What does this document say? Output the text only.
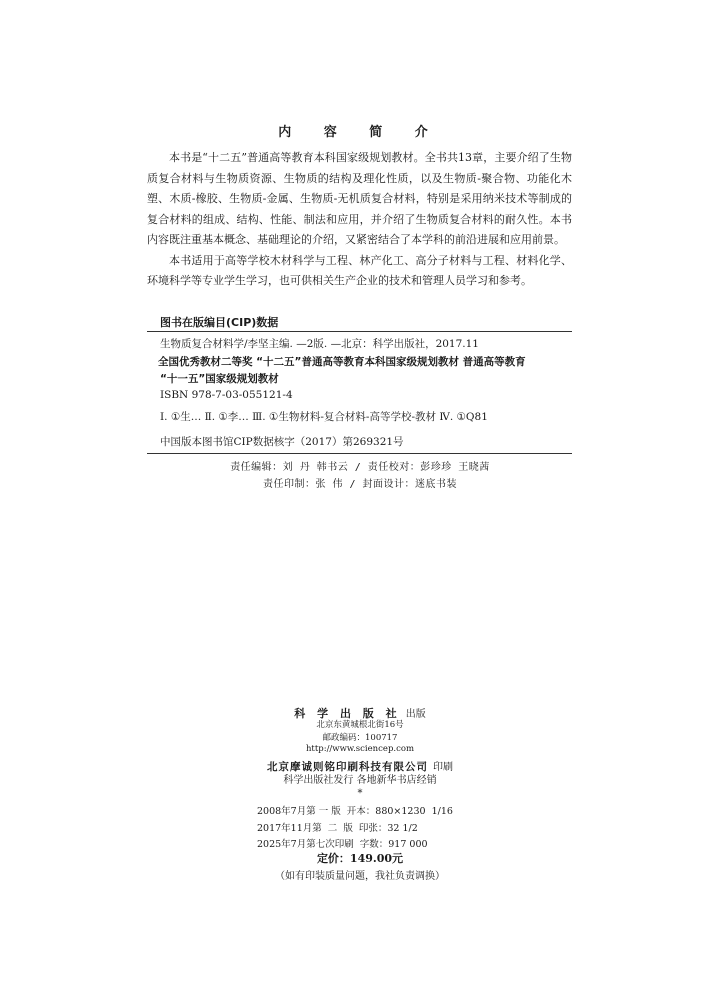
内 容 简 介

本书是“十二五”普通高等教育本科国家级规划教材。全书共13章，主要介绍了生物质复合材料与生物质资源、生物质的结构及理化性质，以及生物质-聚合物、功能化木塑、木质-橡胶、生物质-金属、生物质-无机质复合材料，特别是采用纳米技术等制成的复合材料的组成、结构、性能、制法和应用，并介绍了生物质复合材料的耐久性。本书内容既注重基本概念、基础理论的介绍，又紧密结合了本学科的前沿进展和应用前景。

本书适用于高等学校木材科学与工程、林产化工、高分子材料与工程、材料化学、环境科学等专业学生学习，也可供相关生产企业的技术和管理人员学习和参考。

图书在版编目(CIP)数据
生物质复合材料学/李坚主编. —2版. —北京：科学出版社，2017.11
全国优秀教材二等奖 “十二五”普通高等教育本科国家级规划教材 普通高等教育
“十一五”国家级规划教材
ISBN 978-7-03-055121-4
Ⅰ. ①生… Ⅱ. ①李… Ⅲ. ①生物材料-复合材料-高等学校-教材 Ⅳ. ①Q81
中国版本图书馆CIP数据核字（2017）第269321号
责任编辑：刘 丹 韩书云 / 责任校对：彭珍珍 王晓茜
责任印制：张 伟 / 封面设计：迷底书装
科 学 出 版 社 出版
北京东黄城根北街16号
邮政编码：100717
http://www.sciencep.com
北京摩诚则铭印刷科技有限公司 印刷
科学出版社发行 各地新华书店经销
*
2008年7月第 一 版  开本：880×1230  1/16
2017年11月第  二  版  印张：32 1/2
2025年7月第七次印刷  字数：917 000
定价：149.00元
（如有印装质量问题，我社负责调换）
